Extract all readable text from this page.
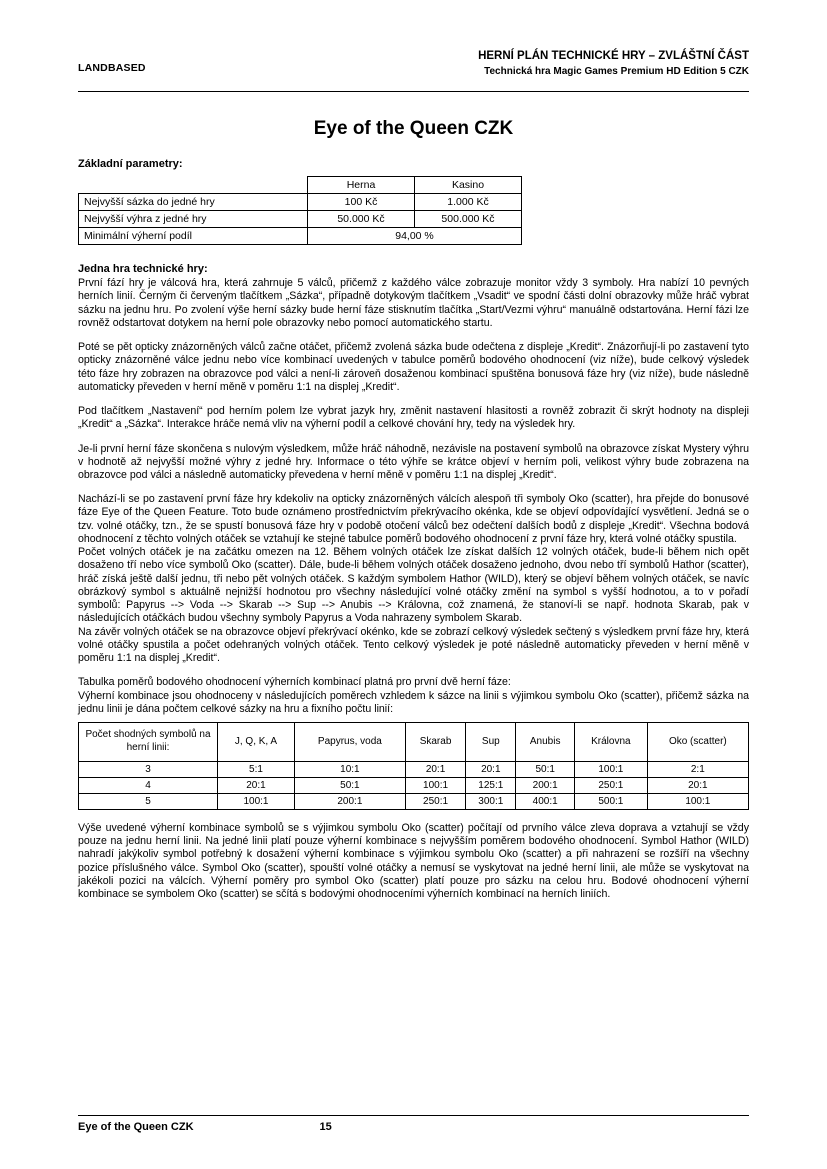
LANDBASED
HERNÍ PLÁN TECHNICKÉ HRY – ZVLÁŠTNÍ ČÁST
Technická hra Magic Games Premium HD Edition 5 CZK
Eye of the Queen CZK
Základní parametry:
	Herna	Kasino
Nejvyšší sázka do jedné hry	100 Kč	1.000 Kč
Nejvyšší výhra z jedné hry	50.000 Kč	500.000 Kč
Minimální výherní podíl	94,00 %	
Jedna hra technické hry:

První fází hry je válcová hra, která zahrnuje 5 válců, přičemž z každého válce zobrazuje monitor vždy 3 symboly. Hra nabízí 10 pevných herních linií. Černým či červeným tlačítkem „Sázka“, případně dotykovým tlačítkem „Vsadit“ ve spodní části dolní obrazovky může hráč vybrat sázku na jednu hru. Po zvolení výše herní sázky bude herní fáze stisknutím tlačítka „Start/Vezmi výhru“ manuálně odstartována. Herní fázi lze rovněž odstartovat dotykem na herní pole obrazovky nebo pomocí automatického startu.

Poté se pět opticky znázorněných válců začne otáčet, přičemž zvolená sázka bude odečtena z displeje „Kredit“. Znázorňují-li po zastavení tyto opticky znázorněné válce jednu nebo více kombinací uvedených v tabulce poměrů bodového ohodnocení (viz níže), bude celkový výsledek této fáze hry zobrazen na obrazovce pod válci a není-li zároveň dosaženou kombinací spuštěna bonusová fáze hry (viz níže), bude následně automaticky převeden v herní měně v poměru 1:1 na displej „Kredit“.

Pod tlačítkem „Nastavení“ pod herním polem lze vybrat jazyk hry, změnit nastavení hlasitosti a rovněž zobrazit či skrýt hodnoty na displeji „Kredit“ a „Sázka“. Interakce hráče nemá vliv na výherní podíl a celkové chování hry, tedy na výsledek hry.

Je-li první herní fáze skončena s nulovým výsledkem, může hráč náhodně, nezávisle na postavení symbolů na obrazovce získat Mystery výhru v hodnotě až nejvyšší možné výhry z jedné hry. Informace o této výhře se krátce objeví v herním poli, velikost výhry bude zobrazena na obrazovce pod válci a následně automaticky převedena v herní měně v poměru 1:1 na displej „Kredit“.

Nachází-li se po zastavení první fáze hry kdekoliv na opticky znázorněných válcích alespoň tři symboly Oko (scatter), hra přejde do bonusové fáze Eye of the Queen Feature. Toto bude oznámeno prostřednictvím překrývacího okénka, kde se objeví odpovídající vysvětlení. Jedná se o tzv. volné otáčky, tzn., že se spustí bonusová fáze hry v podobě otočení válců bez odečtení dalších bodů z displeje „Kredit“. Všechna bodová ohodnocení z těchto volných otáček se vztahují ke stejné tabulce poměrů bodového ohodnocení z první fáze hry, která volné otáčky spustila.

Počet volných otáček je na začátku omezen na 12. Během volných otáček lze získat dalších 12 volných otáček, bude-li během nich opět dosaženo tří nebo více symbolů Oko (scatter). Dále, bude-li během volných otáček dosaženo jednoho, dvou nebo tří symbolů Hathor (scatter), hráč získá ještě další jednu, tři nebo pět volných otáček. S každým symbolem Hathor (WILD), který se objeví během volných otáček, se navíc obrázkový symbol s aktuálně nejnižší hodnotou pro všechny následující volné otáčky změní na symbol s vyšší hodnotou, a to v pořadí symbolů: Papyrus --> Voda --> Skarab --> Sup --> Anubis --> Královna, což znamená, že stanoví-li se např. hodnota Skarab, pak v následujících otáčkách budou všechny symboly Papyrus a Voda nahrazeny symbolem Skarab.

Na závěr volných otáček se na obrazovce objeví překrývací okénko, kde se zobrazí celkový výsledek sečtený s výsledkem první fáze hry, která volné otáčky spustila a počet odehraných volných otáček. Tento celkový výsledek je poté následně automaticky převeden v herní měně v poměru 1:1 na displej „Kredit“.

Tabulka poměrů bodového ohodnocení výherních kombinací platná pro první dvě herní fáze:

Výherní kombinace jsou ohodnoceny v následujících poměrech vzhledem k sázce na linii s výjimkou symbolu Oko (scatter), přičemž sázka na jednu linii je dána počtem celkové sázky na hru a fixního počtu linií:

Počet shodných symbolů na herní linii:	J, Q, K, A	Papyrus, voda	Skarab	Sup	Anubis	Královna	Oko (scatter)
3	5:1	10:1	20:1	20:1	50:1	100:1	2:1
4	20:1	50:1	100:1	125:1	200:1	250:1	20:1
5	100:1	200:1	250:1	300:1	400:1	500:1	100:1

Výše uvedené výherní kombinace symbolů se s výjimkou symbolu Oko (scatter) počítají od prvního válce zleva doprava a vztahují se vždy pouze na jednu herní linii. Na jedné linii platí pouze výherní kombinace s nejvyšším poměrem bodového ohodnocení. Symbol Hathor (WILD) nahradí jakýkoliv symbol potřebný k dosažení výherní kombinace s výjimkou symbolu Oko (scatter) a při nahrazení se rozšíří na všechny pozice příslušného válce. Symbol Oko (scatter), spouští volné otáčky a nemusí se vyskytovat na jedné herní linii, ale může se vyskytovat na jakékoli pozici na válcích. Výherní poměry pro symbol Oko (scatter) platí pouze pro sázku na celou hru. Bodové ohodnocení výherní kombinace se symbolem Oko (scatter) se sčítá s bodovými ohodnoceními výherních kombinací na herních liniích.

Eye of the Queen CZK	15
